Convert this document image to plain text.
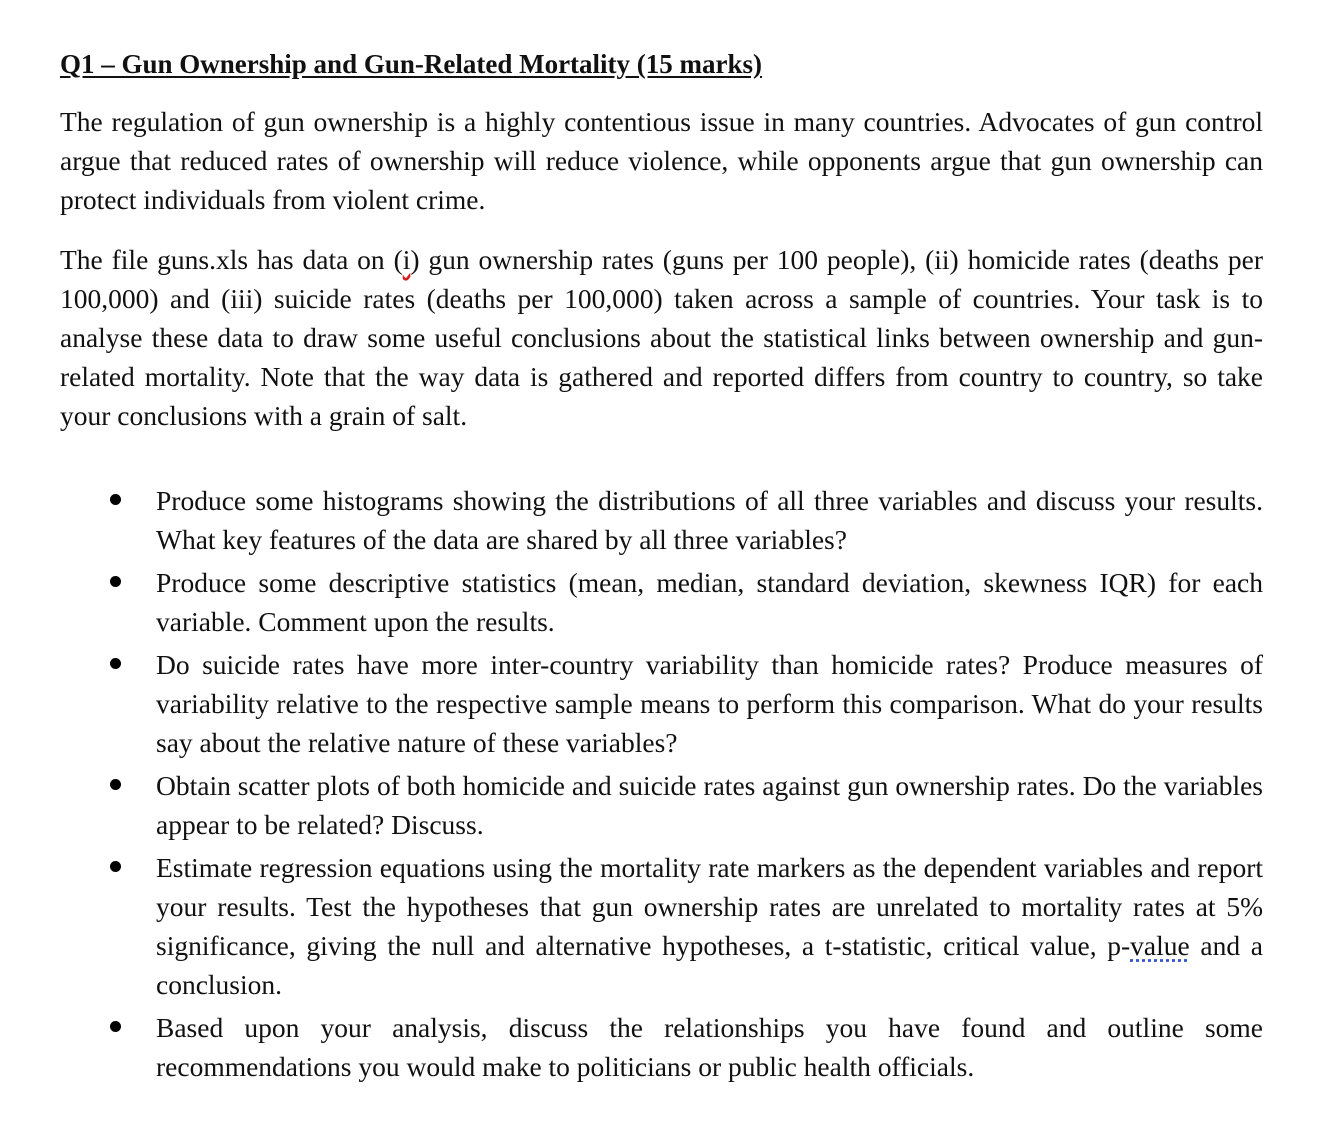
Q1 – Gun Ownership and Gun-Related Mortality (15 marks)

The regulation of gun ownership is a highly contentious issue in many countries. Advocates of gun control argue that reduced rates of ownership will reduce violence, while opponents argue that gun ownership can protect individuals from violent crime.

The file guns.xls has data on (i) gun ownership rates (guns per 100 people), (ii) homicide rates (deaths per 100,000) and (iii) suicide rates (deaths per 100,000) taken across a sample of countries. Your task is to analyse these data to draw some useful conclusions about the statistical links between ownership and gun-related mortality. Note that the way data is gathered and reported differs from country to country, so take your conclusions with a grain of salt.

Produce some histograms showing the distributions of all three variables and discuss your results. What key features of the data are shared by all three variables?
Produce some descriptive statistics (mean, median, standard deviation, skewness IQR) for each variable. Comment upon the results.
Do suicide rates have more inter-country variability than homicide rates? Produce measures of variability relative to the respective sample means to perform this comparison. What do your results say about the relative nature of these variables?
Obtain scatter plots of both homicide and suicide rates against gun ownership rates. Do the variables appear to be related? Discuss.
Estimate regression equations using the mortality rate markers as the dependent variables and report your results. Test the hypotheses that gun ownership rates are unrelated to mortality rates at 5% significance, giving the null and alternative hypotheses, a t-statistic, critical value, p-value and a conclusion.
Based upon your analysis, discuss the relationships you have found and outline some recommendations you would make to politicians or public health officials.
